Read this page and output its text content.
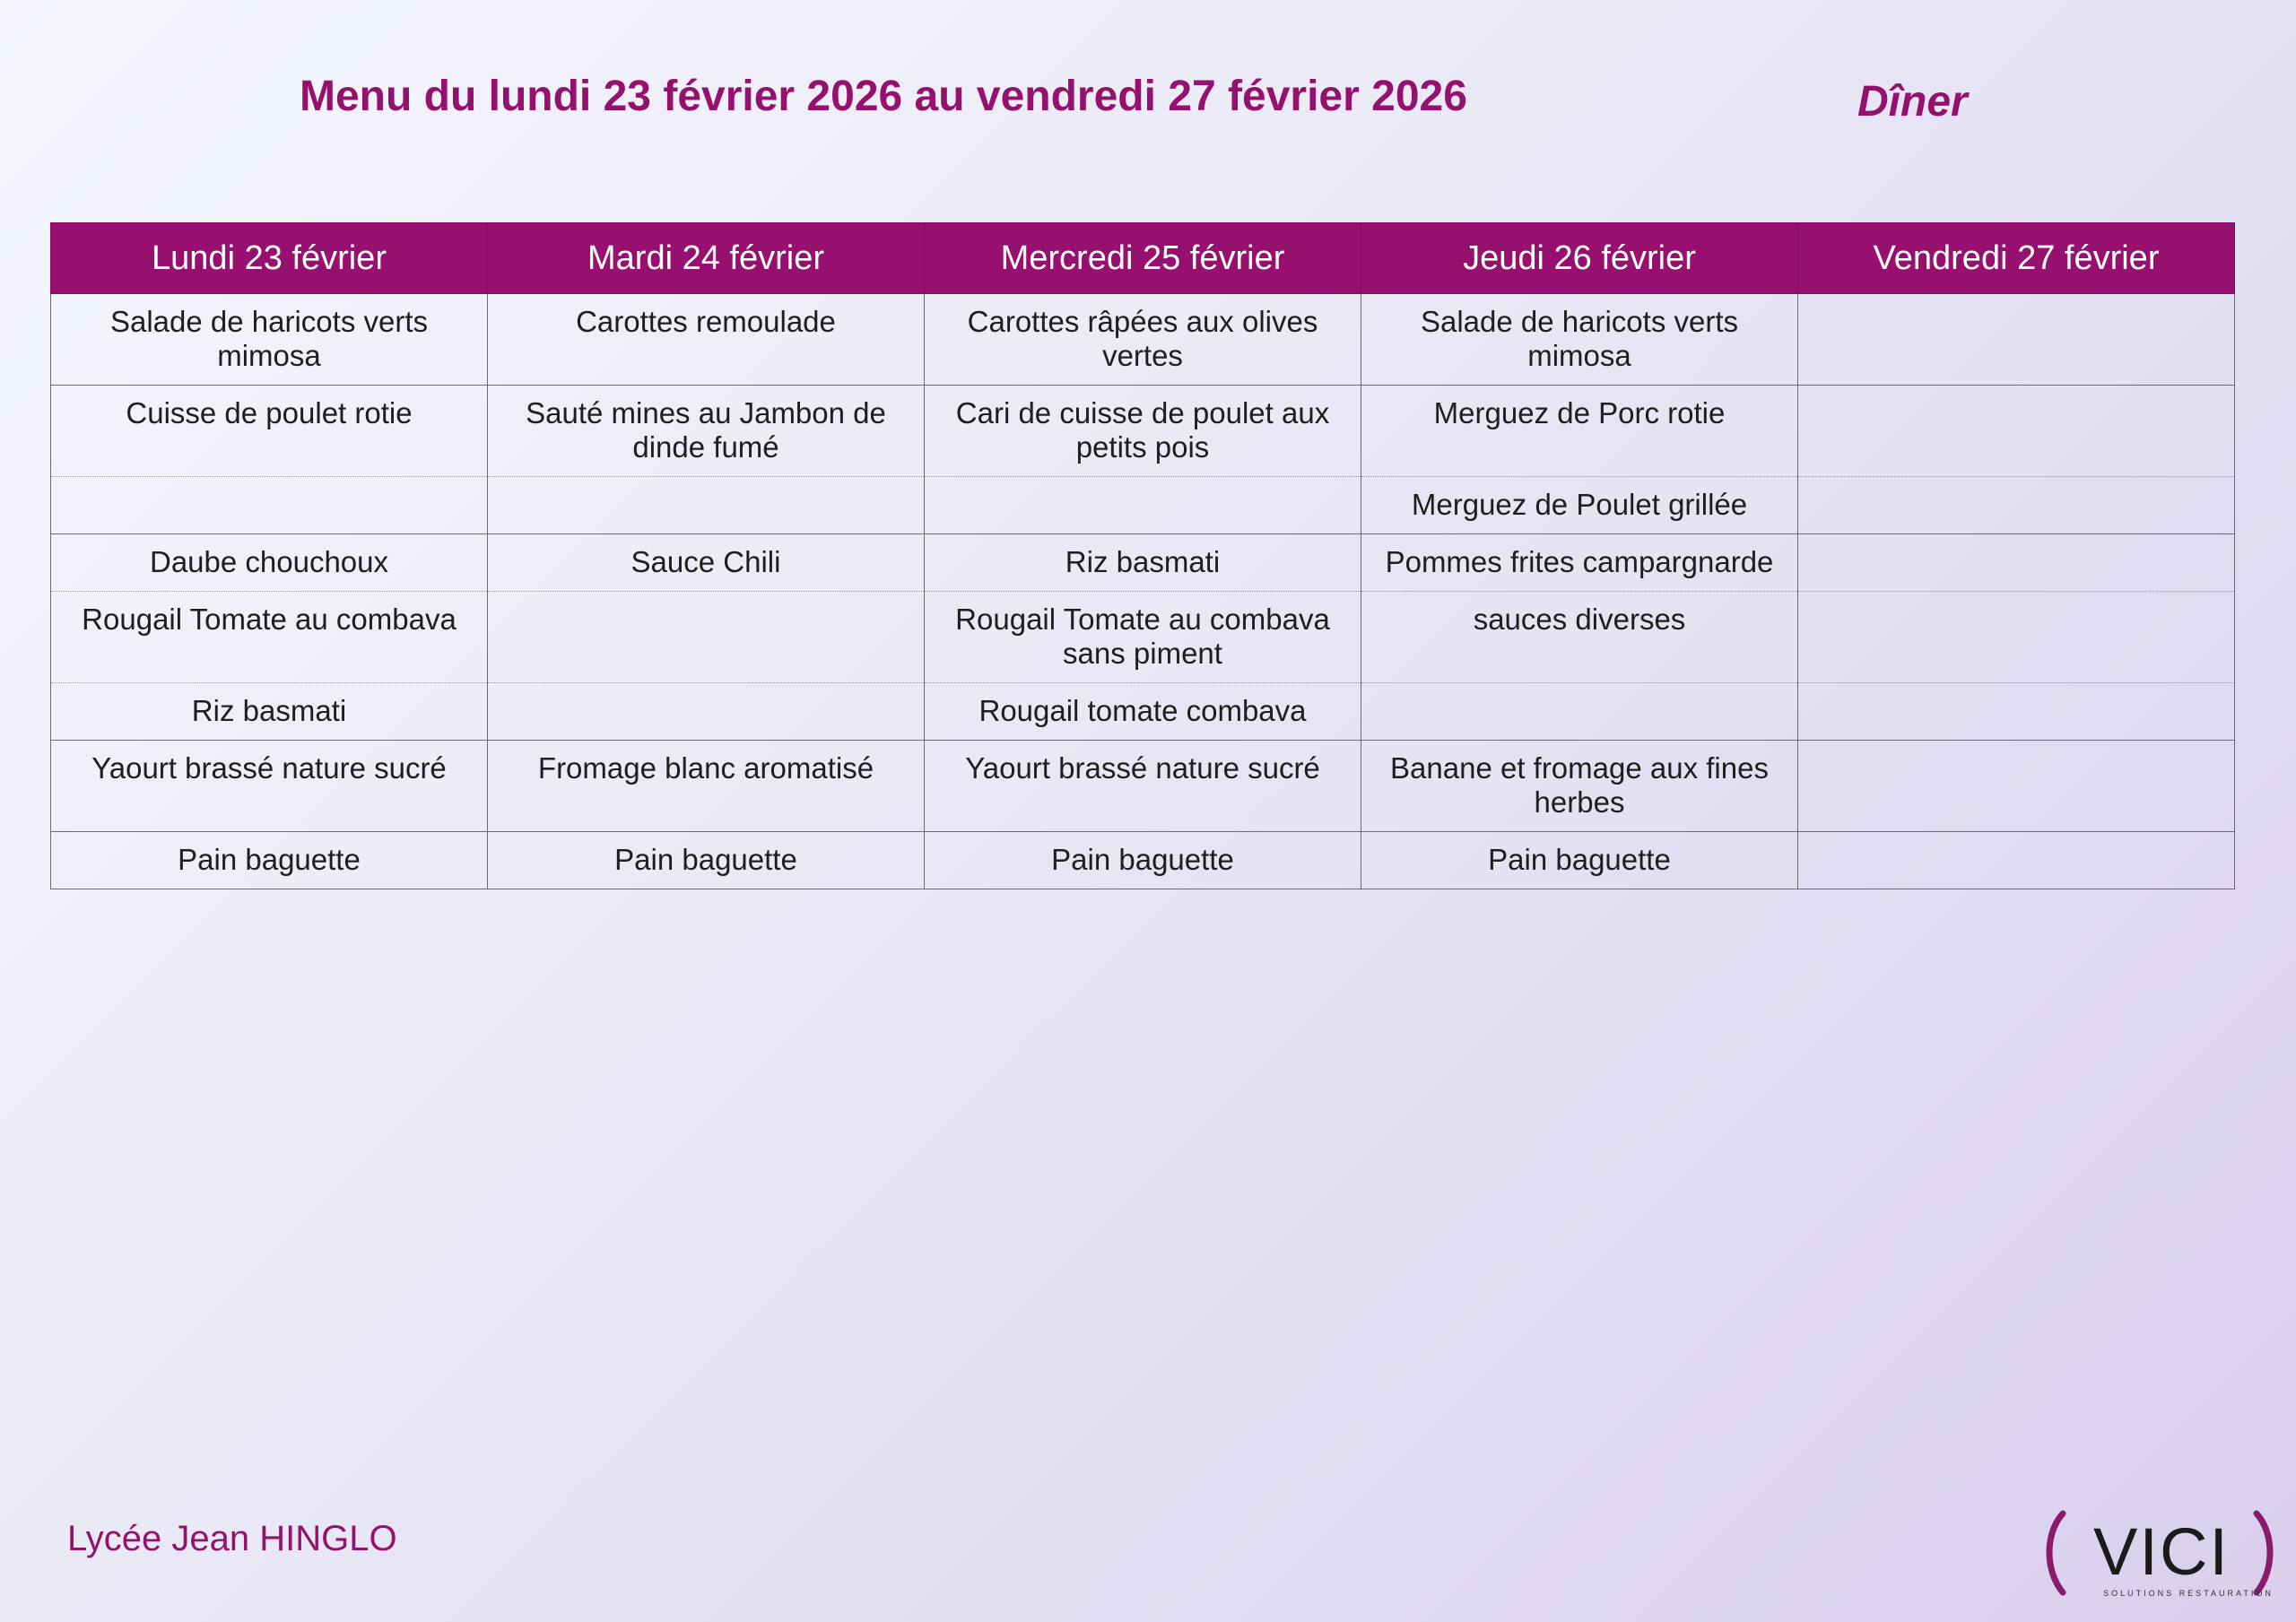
Menu du lundi 23 février 2026 au vendredi 27 février 2026	Dîner
Lundi 23 février	Mardi 24 février	Mercredi 25 février	Jeudi 26 février	Vendredi 27 février
Salade de haricots verts mimosa	Carottes remoulade	Carottes râpées aux olives vertes	Salade de haricots verts mimosa	
Cuisse de poulet rotie	Sauté mines au Jambon de dinde fumé	Cari de cuisse de poulet aux petits pois	Merguez de Porc rotie	
			Merguez de Poulet grillée	
Daube chouchoux	Sauce Chili	Riz basmati	Pommes frites campargnarde	
Rougail Tomate au combava		Rougail Tomate au combava sans piment	sauces diverses	
Riz basmati		Rougail tomate combava		
Yaourt brassé nature sucré	Fromage blanc aromatisé	Yaourt brassé nature sucré	Banane et fromage aux fines herbes	
Pain baguette	Pain baguette	Pain baguette	Pain baguette	
Lycée Jean HINGLO	VICI
SOLUTIONS RESTAURATION
